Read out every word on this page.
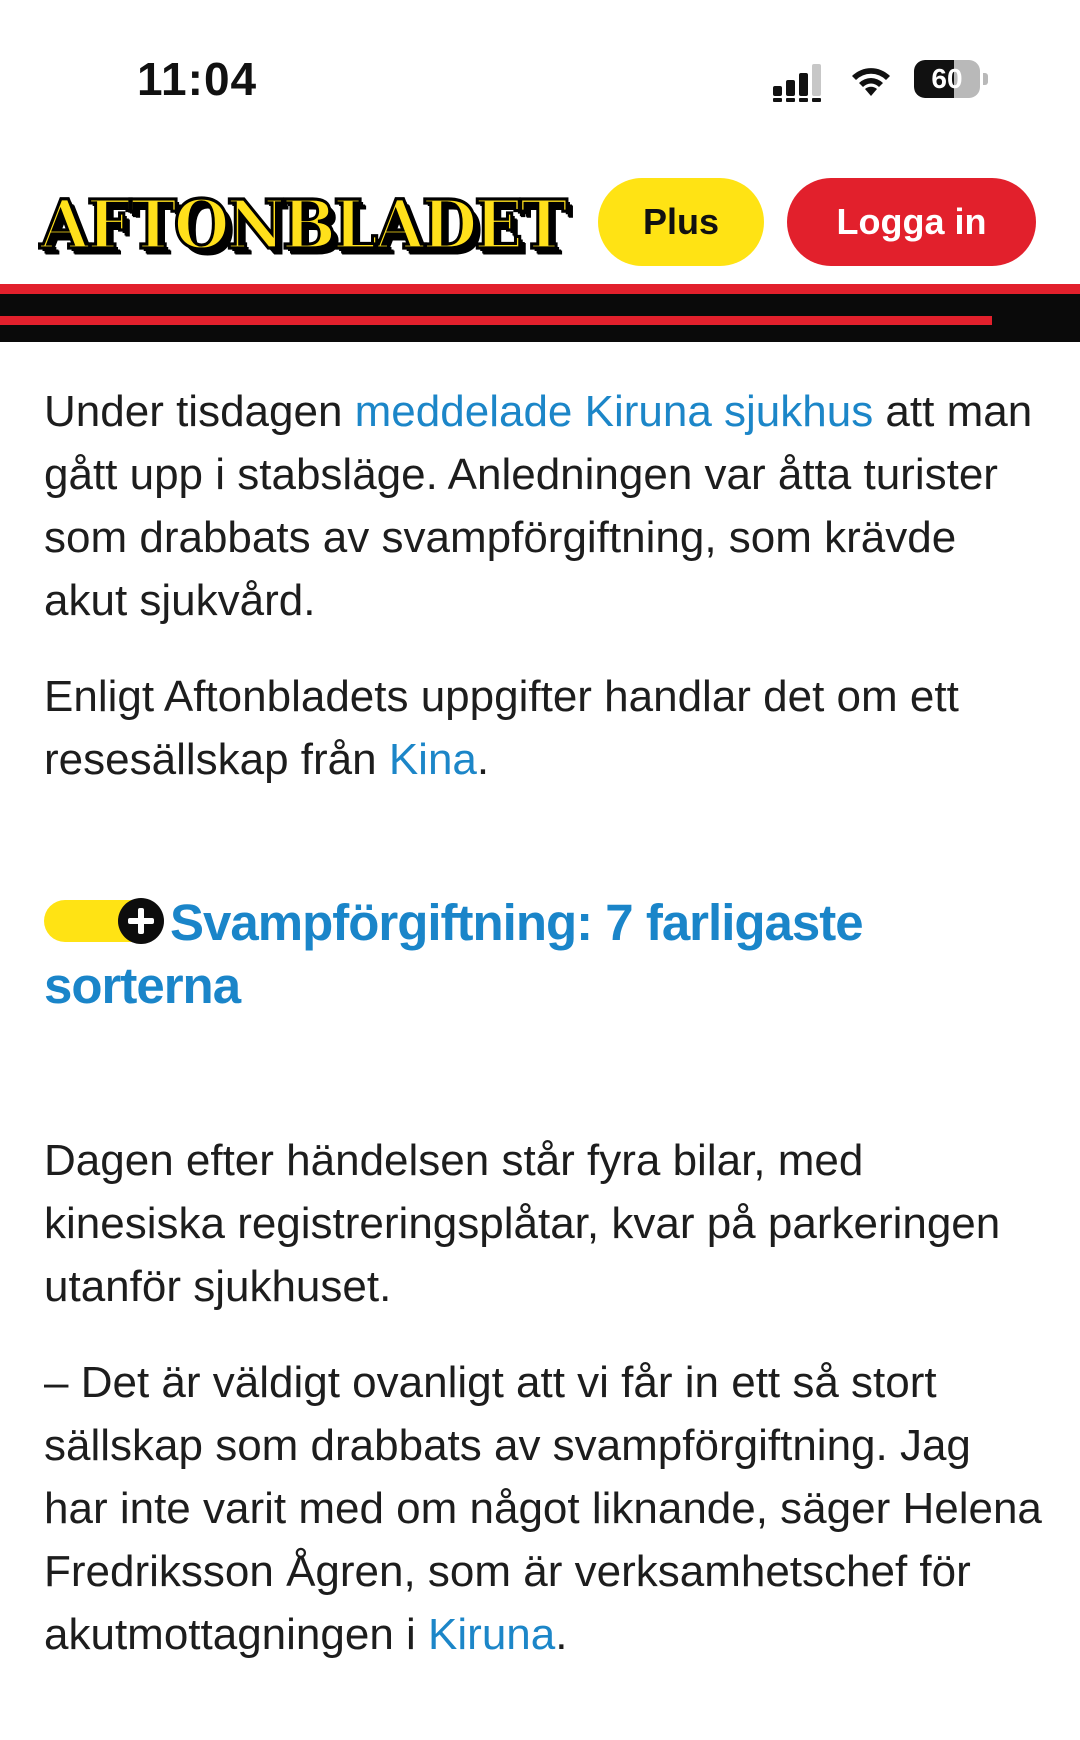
11:04	60
AFTONBLADET	Plus	Logga in

Under tisdagen meddelade Kiruna sjukhus att man gått upp i stabsläge. Anledningen var åtta turister som drabbats av svampförgiftning, som krävde akut sjukvård.

Enligt Aftonbladets uppgifter handlar det om ett resesällskap från Kina.

Svampförgiftning: 7 farligaste sorterna

Dagen efter händelsen står fyra bilar, med kinesiska registreringsplåtar, kvar på parkeringen utanför sjukhuset.

– Det är väldigt ovanligt att vi får in ett så stort sällskap som drabbats av svampförgiftning. Jag har inte varit med om något liknande, säger Helena Fredriksson Ågren, som är verksamhetschef för akutmottagningen i Kiruna.
